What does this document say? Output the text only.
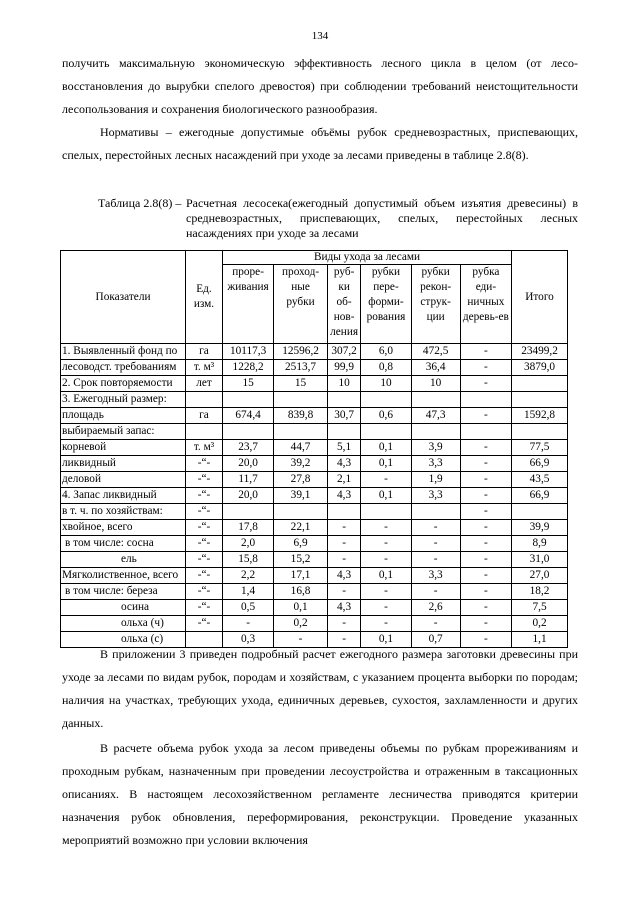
134

получить максимальную экономическую эффективность лесного цикла в целом (от лесо-восстановления до вырубки спелого древостоя) при соблюдении требований неистощительности лесопользования и сохранения биологического разнообразия.

Нормативы – ежегодные допустимые объёмы рубок средневозрастных, приспевающих, спелых, перестойных лесных насаждений при уходе за лесами приведены в таблице 2.8(8).

Таблица 2.8(8) – Расчетная лесосека(ежегодный допустимый объем изъятия древесины) в средневозрастных, приспевающих, спелых, перестойных лесных насаждениях при уходе за лесами
Показатели	Ед. изм.	Виды ухода за лесами						Итого
		проре-живания	проход-ные рубки	руб-ки об-нов-ления	рубки пере-форми-рования	рубки рекон-струк-ции	рубка еди-ничных деревь-ев	
1. Выявленный фонд по	га	10117,3	12596,2	307,2	6,0	472,5	-	23499,2
лесоводст. требованиям	т. м³	1228,2	2513,7	99,9	0,8	36,4	-	3879,0
2. Срок повторяемости	лет	15	15	10	10	10	-	
3. Ежегодный размер:								
площадь	га	674,4	839,8	30,7	0,6	47,3	-	1592,8
выбираемый запас:								
корневой	т. м³	23,7	44,7	5,1	0,1	3,9	-	77,5
ликвидный	-“-	20,0	39,2	4,3	0,1	3,3	-	66,9
деловой	-“-	11,7	27,8	2,1	-	1,9	-	43,5
4. Запас ликвидный	-“-	20,0	39,1	4,3	0,1	3,3	-	66,9
в т. ч. по хозяйствам:	-“-						-	
хвойное, всего	-“-	17,8	22,1	-	-	-	-	39,9
в том числе: сосна	-“-	2,0	6,9	-	-	-	-	8,9
ель	-“-	15,8	15,2	-	-	-	-	31,0
Мягколиственное, всего	-“-	2,2	17,1	4,3	0,1	3,3	-	27,0
в том числе: береза	-“-	1,4	16,8	-	-	-	-	18,2
осина	-“-	0,5	0,1	4,3	-	2,6	-	7,5
ольха (ч)	-“-	-	0,2	-	-	-	-	0,2
ольха (с)		0,3	-	-	0,1	0,7	-	1,1

В приложении 3 приведен подробный расчет ежегодного размера заготовки древесины при уходе за лесами по видам рубок, породам и хозяйствам, с указанием процента выборки по породам; наличия на участках, требующих ухода, единичных деревьев, сухостоя, захламленности и других данных.

В расчете объема рубок ухода за лесом приведены объемы по рубкам прореживаниям и проходным рубкам, назначенным при проведении лесоустройства и отраженным в таксационных описаниях. В настоящем лесохозяйственном регламенте лесничества приводятся критерии назначения рубок обновления, переформирования, реконструкции. Проведение указанных мероприятий возможно при условии включения
